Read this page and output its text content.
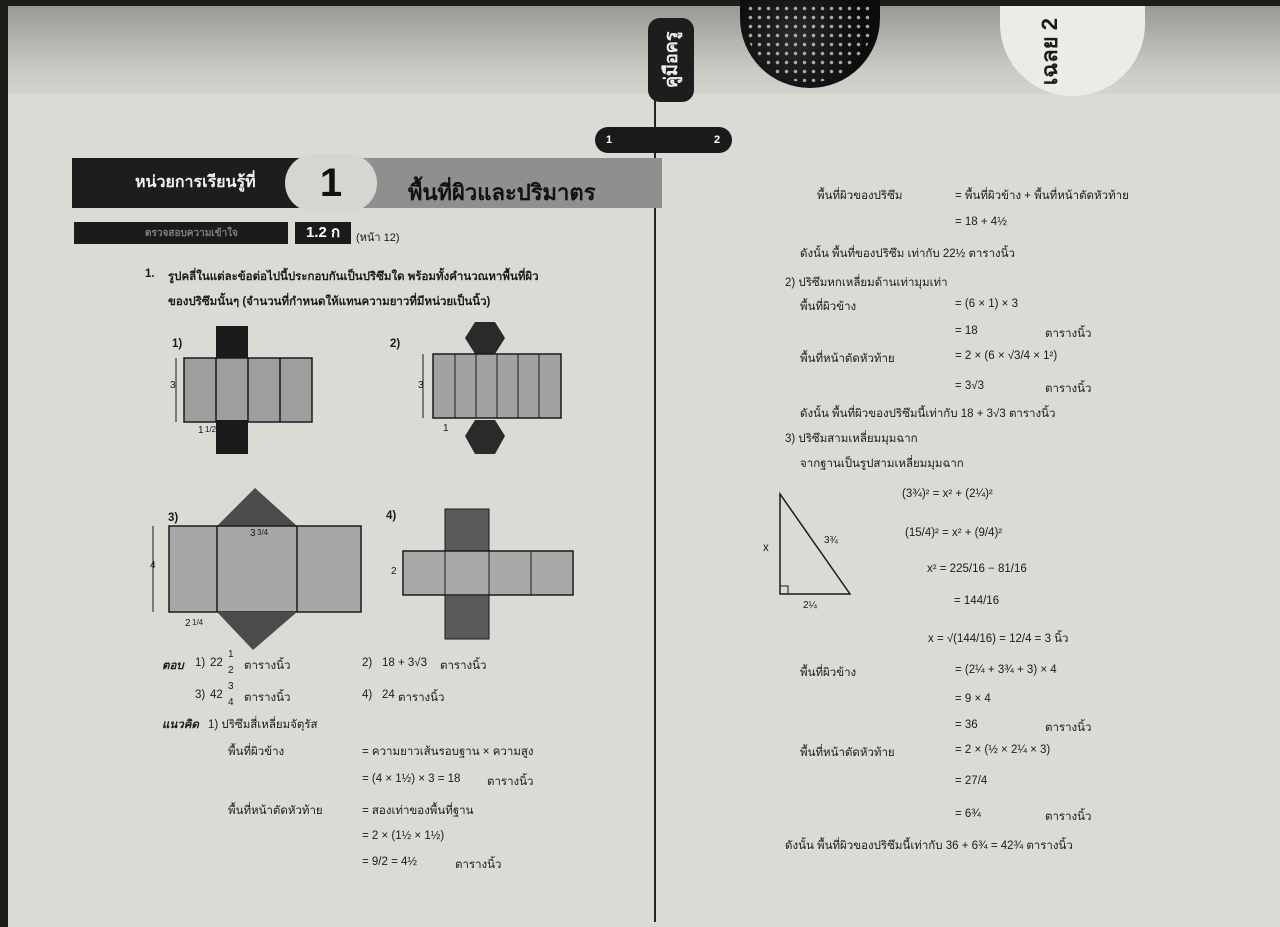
คู่มือครู	เฉลย 2
1	2
หน่วยการเรียนรู้ที่	1	พื้นที่ผิวและปริมาตร
ตรวจสอบความเข้าใจ	1.2 ก	(หน้า 12)
1. รูปคลี่ในแต่ละข้อต่อไปนี้ประกอบกันเป็นปริซึมใด พร้อมทั้งคำนวณหาพื้นที่ผิว
ของปริซึมนั้นๆ (จำนวนที่กำหนดให้แทนความยาวที่มีหน่วยเป็นนิ้ว)
1)
3
1 1/2
2)
3
1
3)
4
3 3/4
2 1/4
4)
2
ตอบ 1) 22
1
2 ตารางนิ้ว	2) 18 + 3√3 ตารางนิ้ว
3) 42
3
4 ตารางนิ้ว	4) 24 ตารางนิ้ว
แนวคิด 1) ปริซึมสี่เหลี่ยมจัตุรัส
พื้นที่ผิวข้าง	= ความยาวเส้นรอบฐาน × ความสูง
= (4 × 1½) × 3 = 18 ตารางนิ้ว
พื้นที่หน้าตัดหัวท้าย	= สองเท่าของพื้นที่ฐาน
= 2 × (1½ × 1½)
= 9/2 = 4½	ตารางนิ้ว
พื้นที่ผิวของปริซึม	= พื้นที่ผิวข้าง + พื้นที่หน้าตัดหัวท้าย
= 18 + 4½
ดังนั้น พื้นที่ของปริซึม เท่ากับ 22½ ตารางนิ้ว
2) ปริซึมหกเหลี่ยมด้านเท่ามุมเท่า
พื้นที่ผิวข้าง	= (6 × 1) × 3
= 18	ตารางนิ้ว
พื้นที่หน้าตัดหัวท้าย	= 2 × (6 × √3/4 × 1²)
= 3√3	ตารางนิ้ว
ดังนั้น พื้นที่ผิวของปริซึมนี้เท่ากับ 18 + 3√3 ตารางนิ้ว
3) ปริซึมสามเหลี่ยมมุมฉาก
จากฐานเป็นรูปสามเหลี่ยมมุมฉาก
x
3¾
2¼
(3¾)² = x² + (2¼)²
(15/4)² = x² + (9/4)²
x² = 225/16 − 81/16
= 144/16
x = √(144/16) = 12/4 = 3 นิ้ว
พื้นที่ผิวข้าง	= (2¼ + 3¾ + 3) × 4
= 9 × 4
= 36	ตารางนิ้ว
พื้นที่หน้าตัดหัวท้าย	= 2 × (½ × 2¼ × 3)
= 27/4
= 6¾	ตารางนิ้ว
ดังนั้น พื้นที่ผิวของปริซึมนี้เท่ากับ 36 + 6¾ = 42¾ ตารางนิ้ว
